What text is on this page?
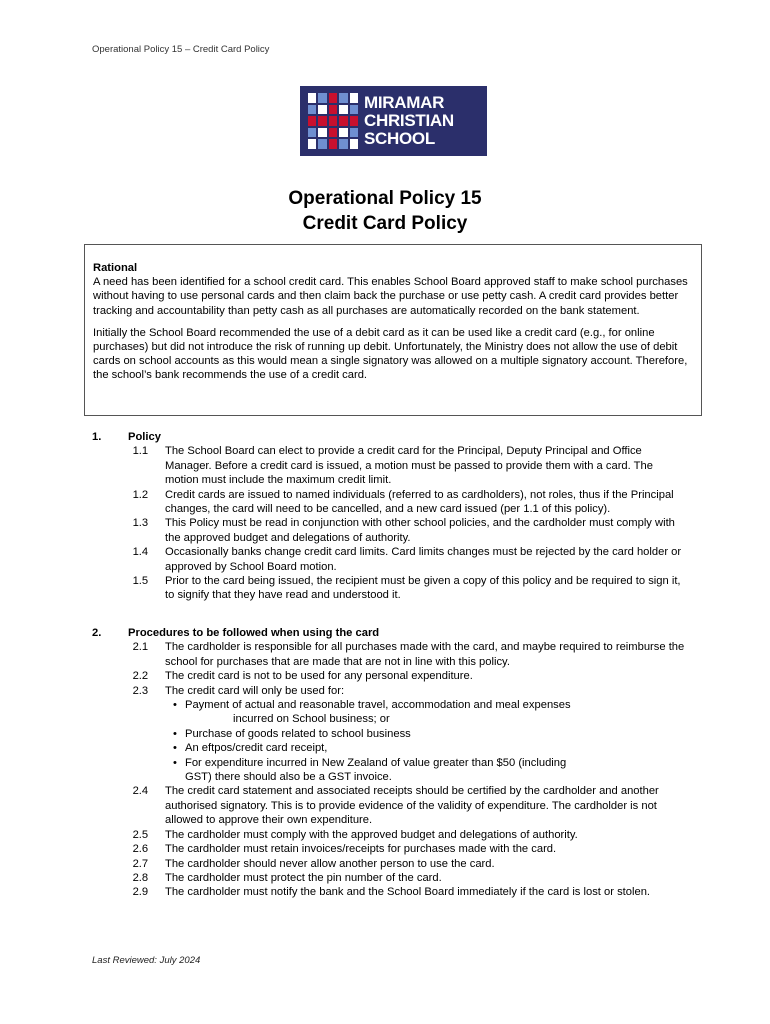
Operational Policy 15 – Credit Card Policy
MIRAMAR
CHRISTIAN
SCHOOL
Operational Policy 15
Credit Card Policy

Rational

A need has been identified for a school credit card. This enables School Board approved staff to make school purchases without having to use personal cards and then claim back the purchase or use petty cash. A credit card provides better tracking and accountability than petty cash as all purchases are automatically recorded on the bank statement.

Initially the School Board recommended the use of a debit card as it can be used like a credit card (e.g., for online purchases) but did not introduce the risk of running up debit. Unfortunately, the Ministry does not allow the use of debit cards on school accounts as this would mean a single signatory was allowed on a multiple signatory account. Therefore, the school’s bank recommends the use of a credit card.

1.	Policy
1.1	The School Board can elect to provide a credit card for the Principal, Deputy Principal and Office Manager. Before a credit card is issued, a motion must be passed to provide them with a card. The motion must include the maximum credit limit.
1.2	Credit cards are issued to named individuals (referred to as cardholders), not roles, thus if the Principal changes, the card will need to be cancelled, and a new card issued (per 1.1 of this policy).
1.3	This Policy must be read in conjunction with other school policies, and the cardholder must comply with the approved budget and delegations of authority.
1.4	Occasionally banks change credit card limits. Card limits changes must be rejected by the card holder or approved by School Board motion.
1.5	Prior to the card being issued, the recipient must be given a copy of this policy and be required to sign it, to signify that they have read and understood it.
2.	Procedures to be followed when using the card
2.1	The cardholder is responsible for all purchases made with the card, and maybe required to reimburse the school for purchases that are made that are not in line with this policy.
2.2	The credit card is not to be used for any personal expenditure.
2.3	The credit card will only be used for:
• Payment of actual and reasonable travel, accommodation and meal expenses
incurred on School business; or
• Purchase of goods related to school business
• An eftpos/credit card receipt,
• For expenditure incurred in New Zealand of value greater than $50 (including
GST) there should also be a GST invoice.
2.4	The credit card statement and associated receipts should be certified by the cardholder and another authorised signatory. This is to provide evidence of the validity of expenditure. The cardholder is not allowed to approve their own expenditure.
2.5	The cardholder must comply with the approved budget and delegations of authority.
2.6	The cardholder must retain invoices/receipts for purchases made with the card.
2.7	The cardholder should never allow another person to use the card.
2.8	The cardholder must protect the pin number of the card.
2.9	The cardholder must notify the bank and the School Board immediately if the card is lost or stolen.
Last Reviewed: July 2024
